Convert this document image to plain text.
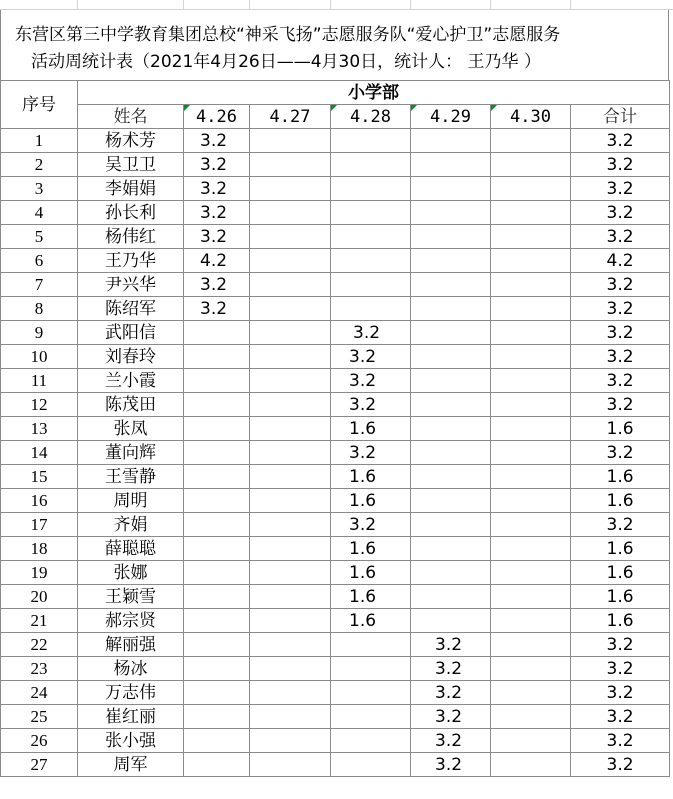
东营区第三中学教育集团总校“神采飞扬”志愿服务队“爱心护卫”志愿服务
活动周统计表（2021年4月26日——4月30日，统计人： 王乃华 ）
序号	小学部						
	姓名	4.26	4.27	4.28	4.29	4.30	合计
1	杨术芳	3.2					3.2
2	吴卫卫	3.2					3.2
3	李娟娟	3.2					3.2
4	孙长利	3.2					3.2
5	杨伟红	3.2					3.2
6	王乃华	4.2					4.2
7	尹兴华	3.2					3.2
8	陈绍军	3.2					3.2
9	武阳信			3.2			3.2
10	刘春玲			3.2			3.2
11	兰小霞			3.2			3.2
12	陈茂田			3.2			3.2
13	张凤			1.6			1.6
14	董向辉			3.2			3.2
15	王雪静			1.6			1.6
16	周明			1.6			1.6
17	齐娟			3.2			3.2
18	薛聪聪			1.6			1.6
19	张娜			1.6			1.6
20	王颖雪			1.6			1.6
21	郝宗贤			1.6			1.6
22	解丽强				3.2		3.2
23	杨冰				3.2		3.2
24	万志伟				3.2		3.2
25	崔红丽				3.2		3.2
26	张小强				3.2		3.2
27	周军				3.2		3.2
